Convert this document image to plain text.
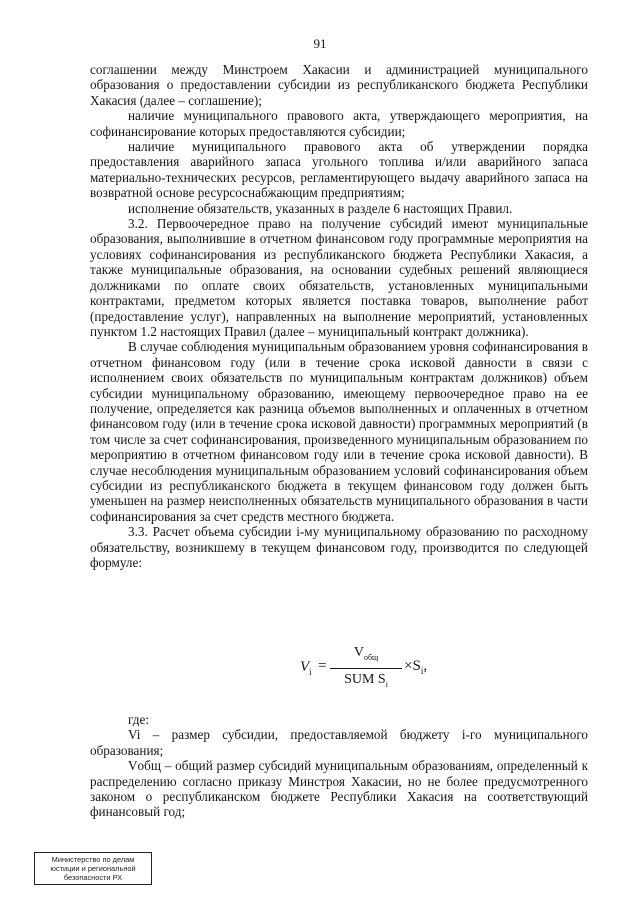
91

соглашении между Минстроем Хакасии и администрацией муниципального образования о предоставлении субсидии из республиканского бюджета Республики Хакасия (далее – соглашение);

наличие муниципального правового акта, утверждающего мероприятия, на софинансирование которых предоставляются субсидии;

наличие муниципального правового акта об утверждении порядка предоставления аварийного запаса угольного топлива и/или аварийного запаса материально-технических ресурсов, регламентирующего выдачу аварийного запаса на возвратной основе ресурсоснабжающим предприятиям;

исполнение обязательств, указанных в разделе 6 настоящих Правил.

3.2. Первоочередное право на получение субсидий имеют муниципальные образования, выполнившие в отчетном финансовом году программные мероприятия на условиях софинансирования из республиканского бюджета Республики Хакасия, а также муниципальные образования, на основании судебных решений являющиеся должниками по оплате своих обязательств, установленных муниципальными контрактами, предметом которых является поставка товаров, выполнение работ (предоставление услуг), направленных на выполнение мероприятий, установленных пунктом 1.2 настоящих Правил (далее – муниципальный контракт должника).

В случае соблюдения муниципальным образованием уровня софинансирования в отчетном финансовом году (или в течение срока исковой давности в связи с исполнением своих обязательств по муниципальным контрактам должников) объем субсидии муниципальному образованию, имеющему первоочередное право на ее получение, определяется как разница объемов выполненных и оплаченных в отчетном финансовом году (или в течение срока исковой давности) программных мероприятий (в том числе за счет софинансирования, произведенного муниципальным образованием по мероприятию в отчетном финансовом году или в течение срока исковой давности). В случае несоблюдения муниципальным образованием условий софинансирования объем субсидии из республиканского бюджета в текущем финансовом году должен быть уменьшен на размер неисполненных обязательств муниципального образования в части софинансирования за счет средств местного бюджета.

3.3. Расчет объема субсидии i-му муниципальному образованию по расходному обязательству, возникшему в текущем финансовом году, производится по следующей формуле:

$V_i$ =
$V_{общ}$
SUM $S_i$
$\times S_i$,

где:

Vi – размер субсидии, предоставляемой бюджету i-го муниципального образования;

Vобщ – общий размер субсидий муниципальным образованиям, определенный к распределению согласно приказу Минстроя Хакасии, но не более предусмотренного законом о республиканском бюджете Республики Хакасия на соответствующий финансовый год;

Министерство по делам
юстиции и региональной
безопасности РХ
